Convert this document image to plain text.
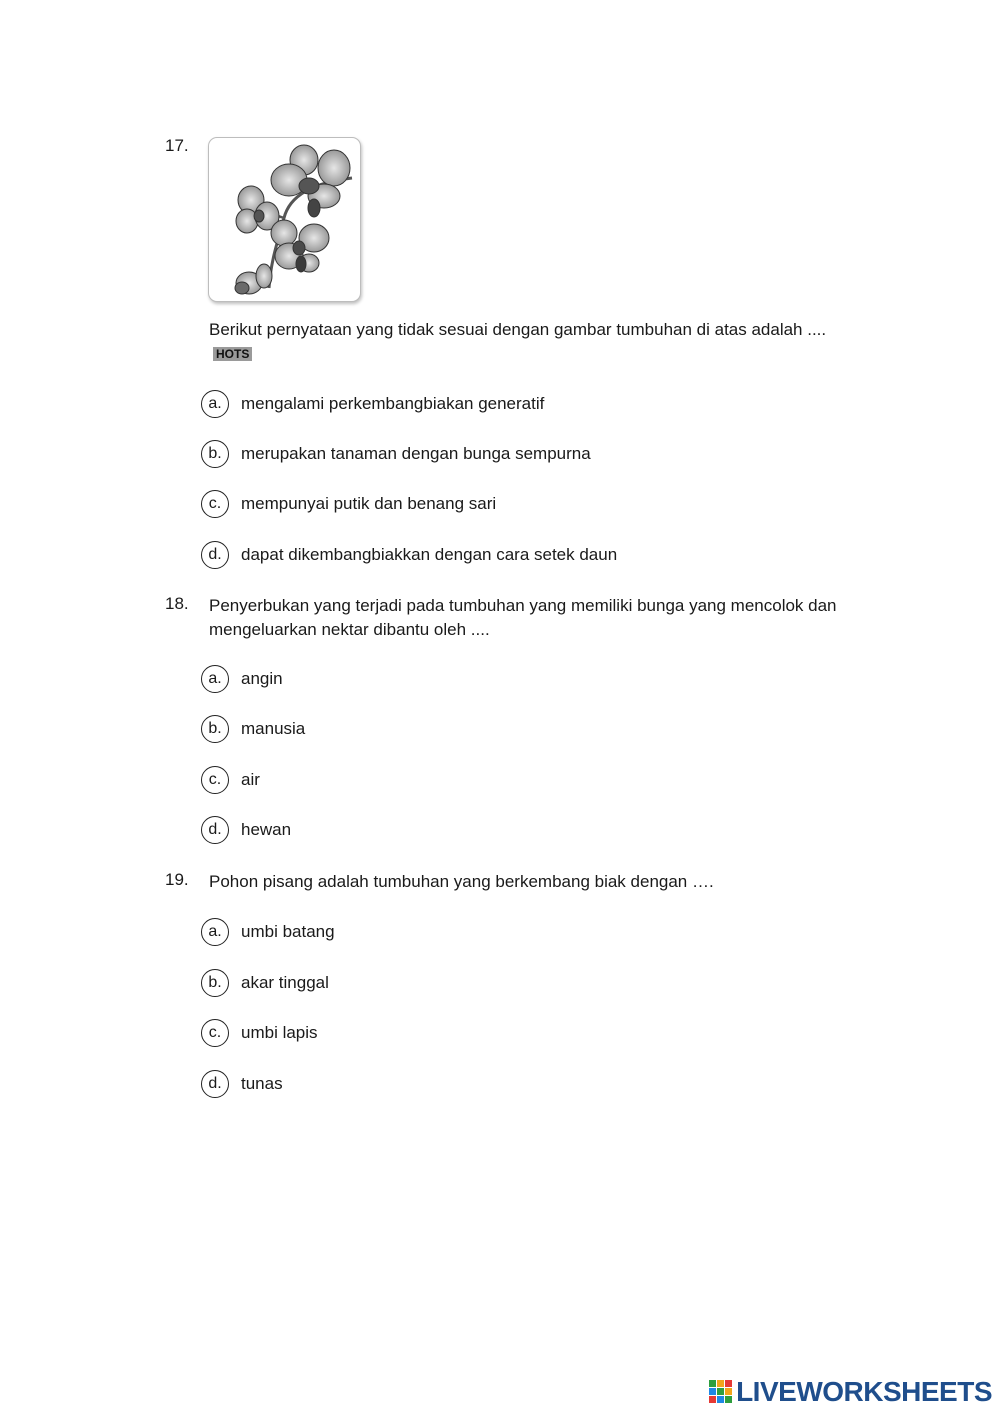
17.
Berikut pernyataan yang tidak sesuai dengan gambar tumbuhan di atas adalah ....HOTS
a.	mengalami perkembangbiakan generatif
b.	merupakan tanaman dengan bunga sempurna
c.	mempunyai putik dan benang sari
d.	dapat dikembangbiakkan dengan cara setek daun
18. Penyerbukan yang terjadi pada tumbuhan yang memiliki bunga yang mencolok dan mengeluarkan nektar dibantu oleh ....
a.	angin
b.	manusia
c.	air
d.	hewan
19. Pohon pisang adalah tumbuhan yang berkembang biak dengan ….
a.	umbi batang
b.	akar tinggal
c.	umbi lapis
d.	tunas
LIVEWORKSHEETS
